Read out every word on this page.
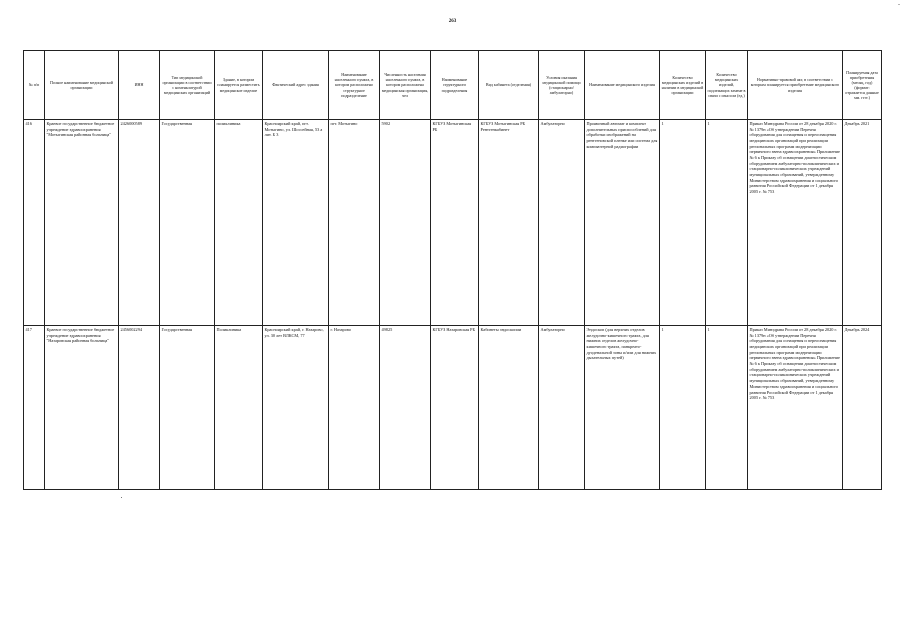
263
-
№ п/п	Полное наименование медицинской организации	ИНН	Тип медицинской организации в соответствии с номенклатурой медицинских организаций	Здание, в котором планируется разместить медицинское изделие	Фактический адрес здания	Наименование населенного пункта, в котором расположено структурное подразделение	Численность населения населенного пункта, в котором расположена медицинская организация, чел	Наименование структурного подразделения	Вид кабинета (отделения)	Условия оказания медицинской помощи (стационарно/ амбулаторно)	Наименование медицинского изделия	Количество медицинских изделий в наличии в медицинской организации	Количество медицинских изделий, подлежащих замене в связи с износом (ед.)	Нормативно-правовой акт, в соответствии с которым планируется приобретение медицинского изделия	Планируемая дата приобретения (месяц, год) (формат: отражается данные мм. гггг.)
416	Краевое государственное бюджетное учреждение здравоохранения "Мотыгинская районная больница"	2426000589	Государственная	поликлиника	Красноярский край, пгт. Мотыгино, ул. Шоссейная, 53 а лит. Б 3	пгт. Мотыгино	5902	КГБУЗ Мотыгинская РБ	КГБУЗ Мотыгинская РБ Рентгенкабинет	Амбулаторно	Проявочный автомат и комплект дополнительных приспособлений для обработки изображений на рентгеновской пленке или система для компьютерной радиографии	1	1	Приказ Минздрава России от 28 декабря 2020 г. № 1379н «Об утверждении Перечня оборудования для оснащения и переоснащения медицинских организаций при реализации региональных программ модернизации первичного звена здравоохранения» Приложение № 6 к Приказу об оснащении диагностическим оборудованием амбулаторно-поликлинических и стационарно-поликлинических учреждений муниципальных образований, утвержденному Министерством здравоохранения и социального развития Российской Федерации от 1 декабря 2005 г. № 753	Декабрь 2021
417	Краевое государственное бюджетное учреждение здравоохранения "Назаровская районная больница"	2456002294	Государственная	Поликлиника	Красноярский край, г. Назарово, ул. 30 лет ВЛКСМ, 77	г. Назарово	49825	КГБУЗ Назаровская РБ	Кабинеты эндоскопии	Амбулаторно	Эндоскоп (для верхних отделов желудочно-кишечного тракта, для нижних отделов желудочно-кишечного тракта, панкреато-дуоденальной зоны и/или для нижних дыхательных путей)	1	1	Приказ Минздрава России от 28 декабря 2020 г. № 1379н «Об утверждении Перечня оборудования для оснащения и переоснащения медицинских организаций при реализации региональных программ модернизации первичного звена здравоохранения» Приложение № 6 к Приказу об оснащении диагностическим оборудованием амбулаторно-поликлинических и стационарно-поликлинических учреждений муниципальных образований, утвержденному Министерством здравоохранения и социального развития Российской Федерации от 1 декабря 2005 г. № 753	Декабрь 2024
